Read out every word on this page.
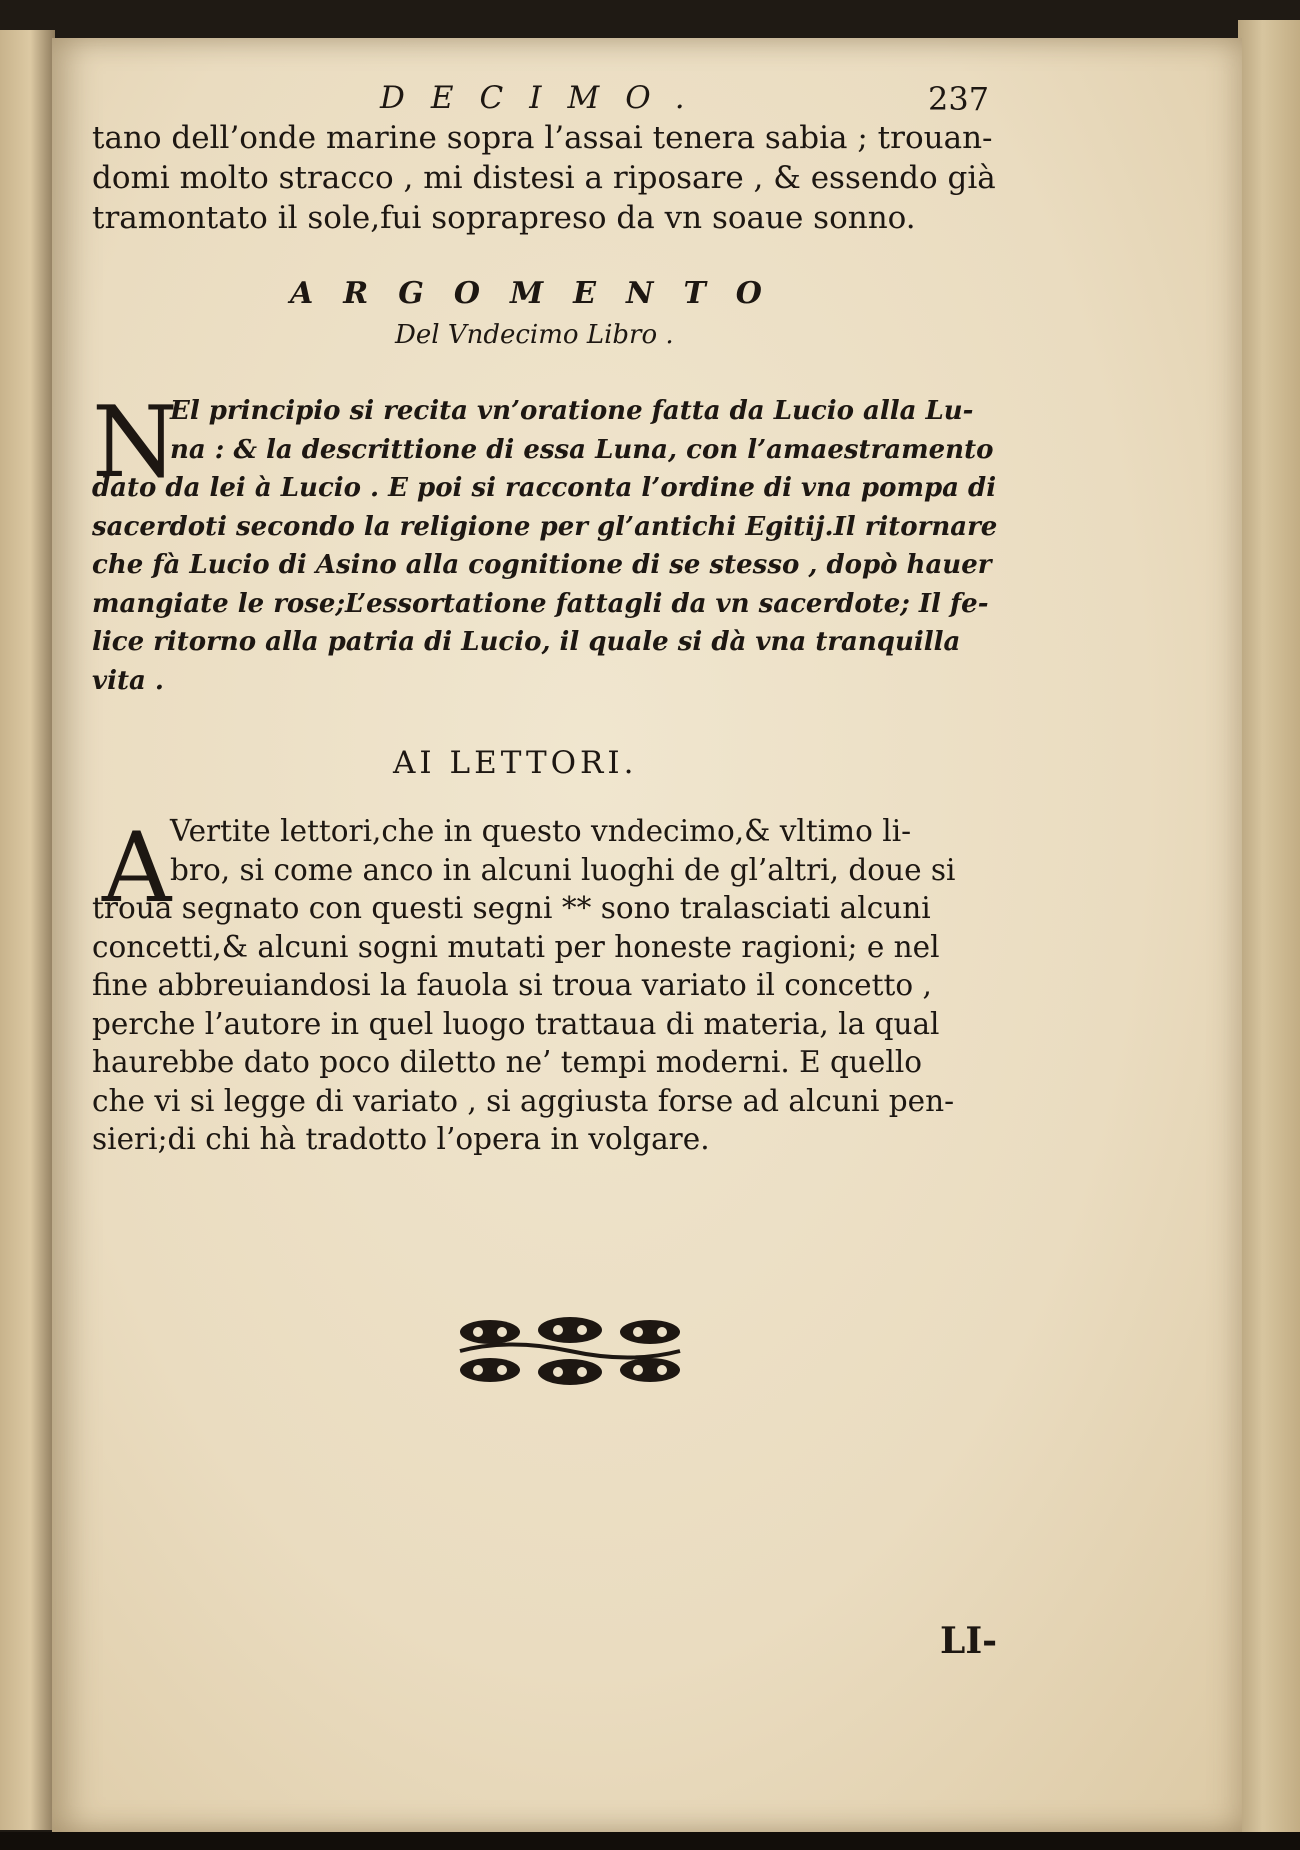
DECIMO.	237
tano dell’onde marine sopra l’assai tenera sabia ; trouan-
domi molto stracco , mi distesi a riposare , & essendo già
tramontato il sole,fui soprapreso da vn soaue sonno.
ARGOMENTO
Del Vndecimo Libro .
N
El principio si recita vn’oratione fatta da Lucio alla Lu-
na : & la descrittione di essa Luna, con l’amaestramento
dato da lei à Lucio . E poi si racconta l’ordine di vna pompa di
sacerdoti secondo la religione per gl’antichi Egitij.Il ritornare
che fà Lucio di Asino alla cognitione di se stesso , dopò hauer
mangiate le rose;L’essortatione fattagli da vn sacerdote; Il fe-
lice ritorno alla patria di Lucio, il quale si dà vna tranquilla
vita .
AI LETTORI.
A
Vertite lettori,che in questo vndecimo,& vltimo li-
bro, si come anco in alcuni luoghi de gl’altri, doue si
troua segnato con questi segni ** sono tralasciati alcuni
concetti,& alcuni sogni mutati per honeste ragioni; e nel
fine abbreuiandosi la fauola si troua variato il concetto ,
perche l’autore in quel luogo trattaua di materia, la qual
haurebbe dato poco diletto ne’ tempi moderni. E quello
che vi si legge di variato , si aggiusta forse ad alcuni pen-
sieri;di chi hà tradotto l’opera in volgare.
LI-
